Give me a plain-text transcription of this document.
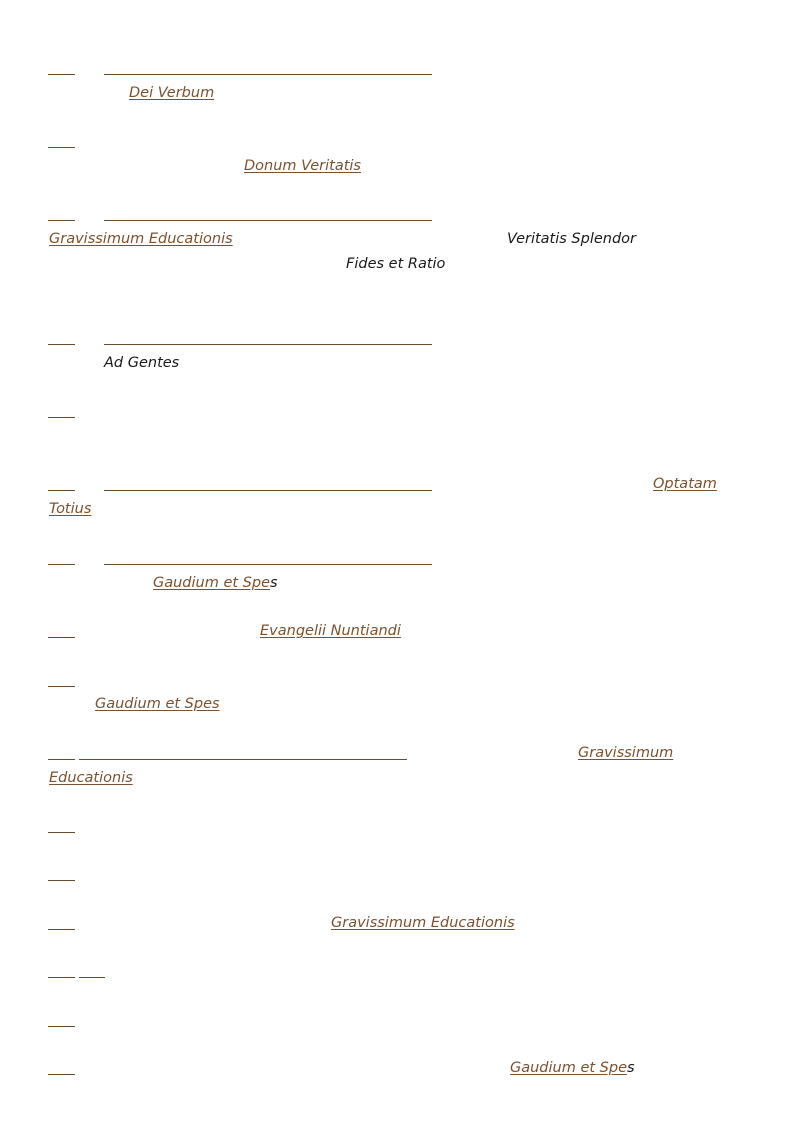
Dei Verbum
Donum Veritatis
Gravissimum Educationis	Veritatis Splendor
Fides et Ratio
Ad Gentes
Optatam
Totius
Gaudium et Spes
Evangelii Nuntiandi
Gaudium et Spes
Gravissimum
Educationis
Gravissimum Educationis
Gaudium et Spes
